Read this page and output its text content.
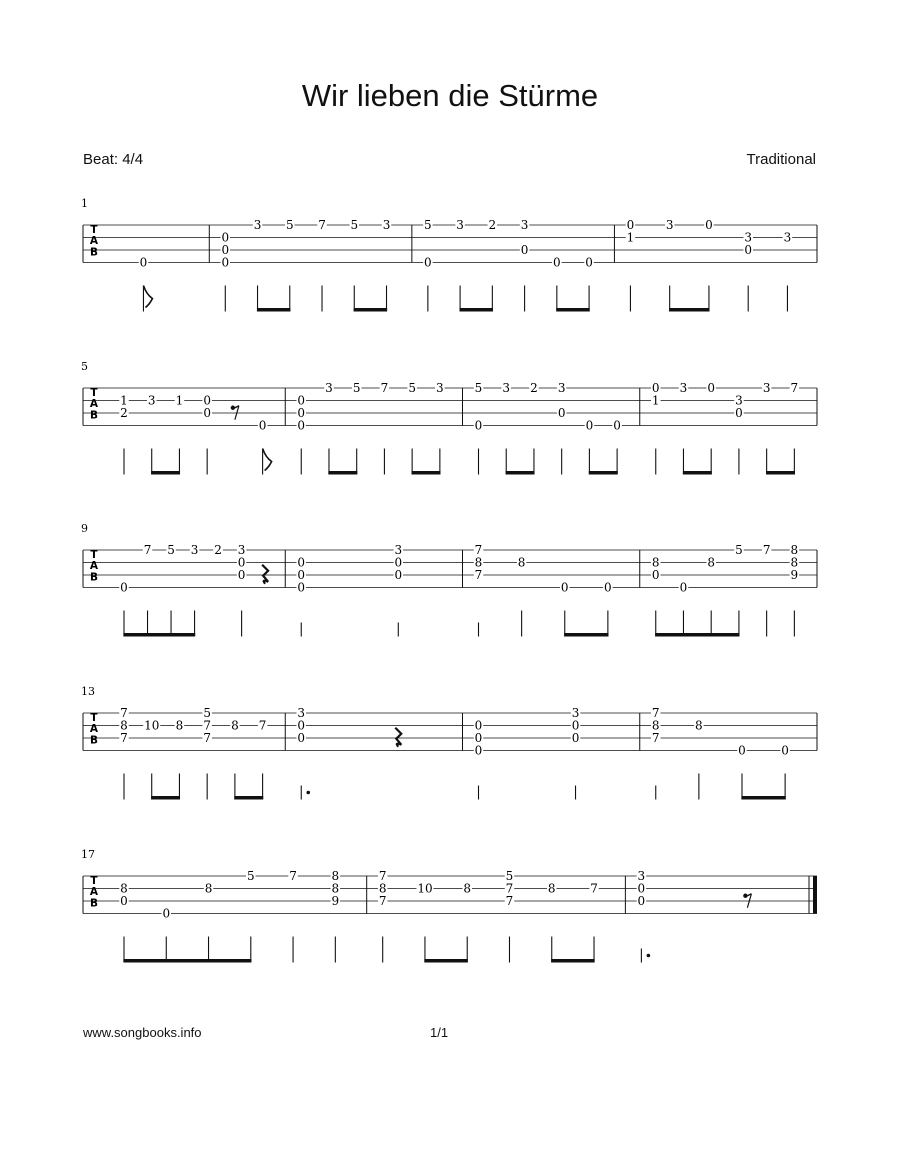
Wir lieben die Stürme
Beat: 4/4	Traditional
1
T
A
B
0
0
0
0
3 5 7 5 3	5
0
3 2 3
0
0 0
0
1
3	0
3
0
3
5
T
A
B
1
2
3 1 0
0
0
0
0
0
3 5 7 5 3	5
0
3 2 3
0
0 0
0
1
3 0
3
0
3 7
9
T
A
B
0
7 5 3 2 3
0
0
0
0
0
3
0
0
7
8
7
8
0	0
8
0
0
8
5 7 8
8
9
13
T
A
B
7
8
7
10 8
5
7
7
8 7
3
0
0
0
0
0
3
0
0
7
8
7
8
0	0
17
T
A
B
8
0
0
8
5	7	8
8
9
7
8
7
10	8
5
7
7
8	7
3
0
0
www.songbooks.info	1/1
